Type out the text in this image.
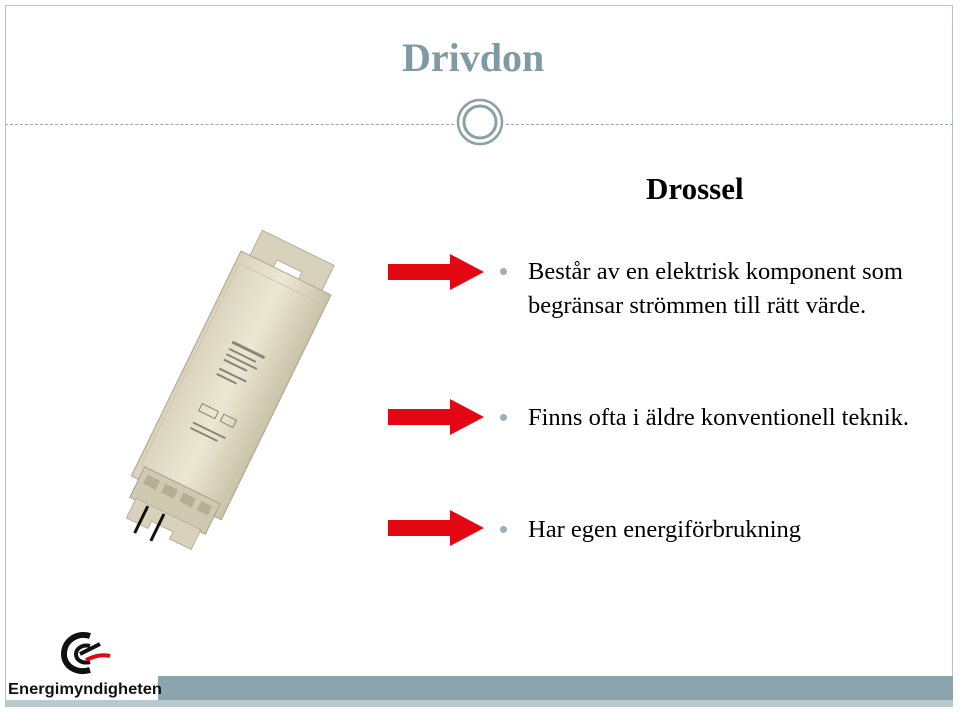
Drivdon
Drossel
Består av en elektrisk komponent som begränsar strömmen till rätt värde.
Finns ofta i äldre konventionell teknik.
Har egen energiförbrukning
Energimyndigheten
